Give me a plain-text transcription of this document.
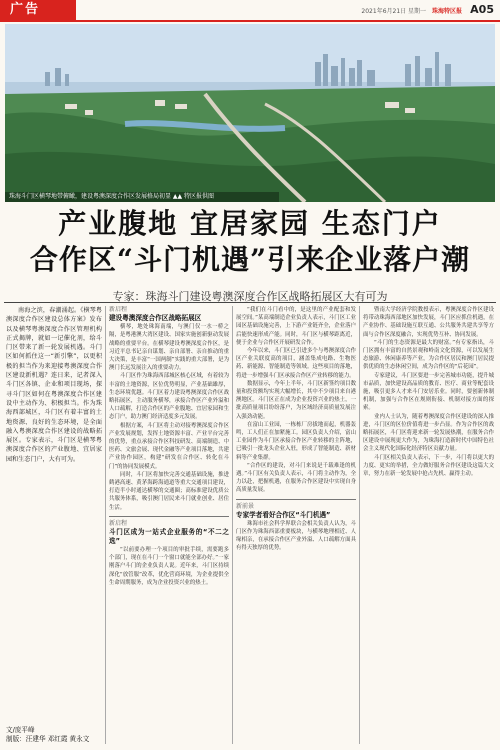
广告	2021年6月21日 星期一 珠海特区报 A05
珠海斗门区横琴地带俯瞰，建设粤澳深度合作区发展格局初显 ▲▲ 特区报供图
产业腹地 宜居家园 生态门户
合作区“斗门机遇”引来企业落户潮
专家：珠海斗门建设粤澳深度合作区战略拓展区大有可为

南海之滨，春潮涌起。《横琴粤澳深度合作区建设总体方案》发布以及横琴粤澳深度合作区管理机构正式揭牌，就如一记催化剂，给斗门区带来了新一轮发展机遇。斗门区如何抓住这一“新引擎”，以更积极的担当作为来迎接粤澳深度合作区建设新机遇？连日来，记者深入斗门区各镇、企业和项目现场，探寻斗门区如何在粤澳深度合作区建设中主动作为、积极担当。作为珠海西部城区，斗门区有着丰富的土地资源、良好的生态环境，是全面融入粤澳深度合作区建设的战略拓展区。专家表示，斗门区是横琴粤澳深度合作区的产业腹地、宜居家园和生态门户，大有可为。

文/庞平峰
制版：汪建华 邓红霞 黄永文

新启程

建设粤澳深度合作区战略拓展区

横琴，地处珠海南端，与澳门仅一水一桥之隔，是粤港澳大湾区建设、国家实施创新驱动发展战略的重要平台。在横琴建设粤澳深度合作区，是习近平总书记亲自谋划、亲自部署、亲自推动的重大决策，是丰富“一国两制”实践的重大部署，是为澳门长远发展注入的重要动力。

斗门区作为珠海西部城区核心区域，有着较为丰富的土地资源，区位优势明显，产业基础雄厚，生态环境优越。斗门区着力建设粤澳深度合作区战略拓展区，主动服务横琴，承接合作区产业外溢和人口疏解，打造合作区的产业腹地、宜居家园和生态门户，助力澳门经济适度多元发展。

根据方案，斗门区将主动对接粤澳深度合作区产业发展规划，发挥土地资源丰富、产业平台完善的优势，重点承接合作区科技研发、高端制造、中医药、文旅会展、现代金融等产业项目落地，共建产业协作园区，构建“研发在合作区、转化在斗门”的协同发展模式。

同时，斗门区将加快完善交通基础设施，推进鹤港高速、黄茅海跨海通道等重大交通项目建设，打造半小时通达横琴的交通圈；高标准建设优质公共服务体系，吸引澳门居民来斗门就业创业、居住生活。

新启程

斗门区成为一站式企业服务的“不二之选”

“以前要办理一个项目的审批手续，需要跑多个部门，现在在斗门一个窗口就能全部办好。”一家刚落户斗门的企业负责人说。近年来，斗门区持续深化“放管服”改革，优化营商环境，为企业提供全生命周期服务，成为企业投资兴业的热土。

“我们在斗门看中的，是这里的产业配套和发展空间。”某高端制造企业负责人表示，斗门区工业园区基础设施完善，上下游产业链齐全，企业落户后能快速形成产能。同时，斗门区与横琴距离近，便于企业与合作区开展研发合作。

今年以来，斗门区已引进多个与粤澳深度合作区产业关联度高的项目，涵盖集成电路、生物医药、新能源、智能制造等领域。这些项目的落地，将进一步增强斗门区承接合作区产业转移的能力。

数据显示，今年上半年，斗门区新签约项目数量和投资额均实现大幅增长，其中不少项目来自港澳地区。斗门区正在成为企业投资兴业的热土，一批高质量项目纷纷落户，为区域经济高质量发展注入强劲动能。

在富山工业园，一栋栋厂房拔地而起，机器轰鸣，工人们正在加紧施工。园区负责人介绍，富山工业园作为斗门区承接合作区产业转移的主阵地，已吸引一批龙头企业入驻，形成了智能制造、新材料等产业集群。

“合作区的建设，对斗门来说是千载难逢的机遇。”斗门区有关负责人表示，斗门将主动作为，全力以赴，把握机遇，在服务合作区建设中实现自身高质量发展。

新前景

专家学者看好合作区“斗门机遇”

珠海市社会科学界联合会相关负责人认为，斗门区作为珠海西部重要板块，与横琴地理相近、人缘相亲，在承接合作区产业外溢、人口疏解方面具有得天独厚的优势。

暨南大学经济学院教授表示，粤澳深度合作区建设将带动珠海西部地区加快发展，斗门区应抓住机遇，在产业协作、基础设施互联互通、公共服务共建共享等方面与合作区深度融合，实现优势互补、协同发展。

“斗门的生态资源是最大的财富。”有专家指出，斗门区拥有丰富的自然景观和岭南文化资源，可以发展生态旅游、休闲康养等产业，为合作区居民和澳门居民提供优质的生态休闲空间，成为合作区的“后花园”。

专家建议，斗门区要进一步完善城市功能，提升城市品质，加快建设高品质的教育、医疗、商业等配套设施，吸引更多人才来斗门安居乐业。同时，要创新体制机制，加强与合作区在规则衔接、机制对接方面的探索。

业内人士认为，随着粤澳深度合作区建设的深入推进，斗门区的区位价值将进一步凸显。作为合作区的战略拓展区，斗门区将迎来新一轮发展热潮，在服务合作区建设中展现更大作为，为珠海打造新时代中国特色社会主义现代化国际化经济特区贡献力量。

斗门区相关负责人表示，下一步，斗门将以更大的力度、更实的举措，全力做好服务合作区建设这篇大文章，努力在新一轮发展中抢占先机、赢得主动。
